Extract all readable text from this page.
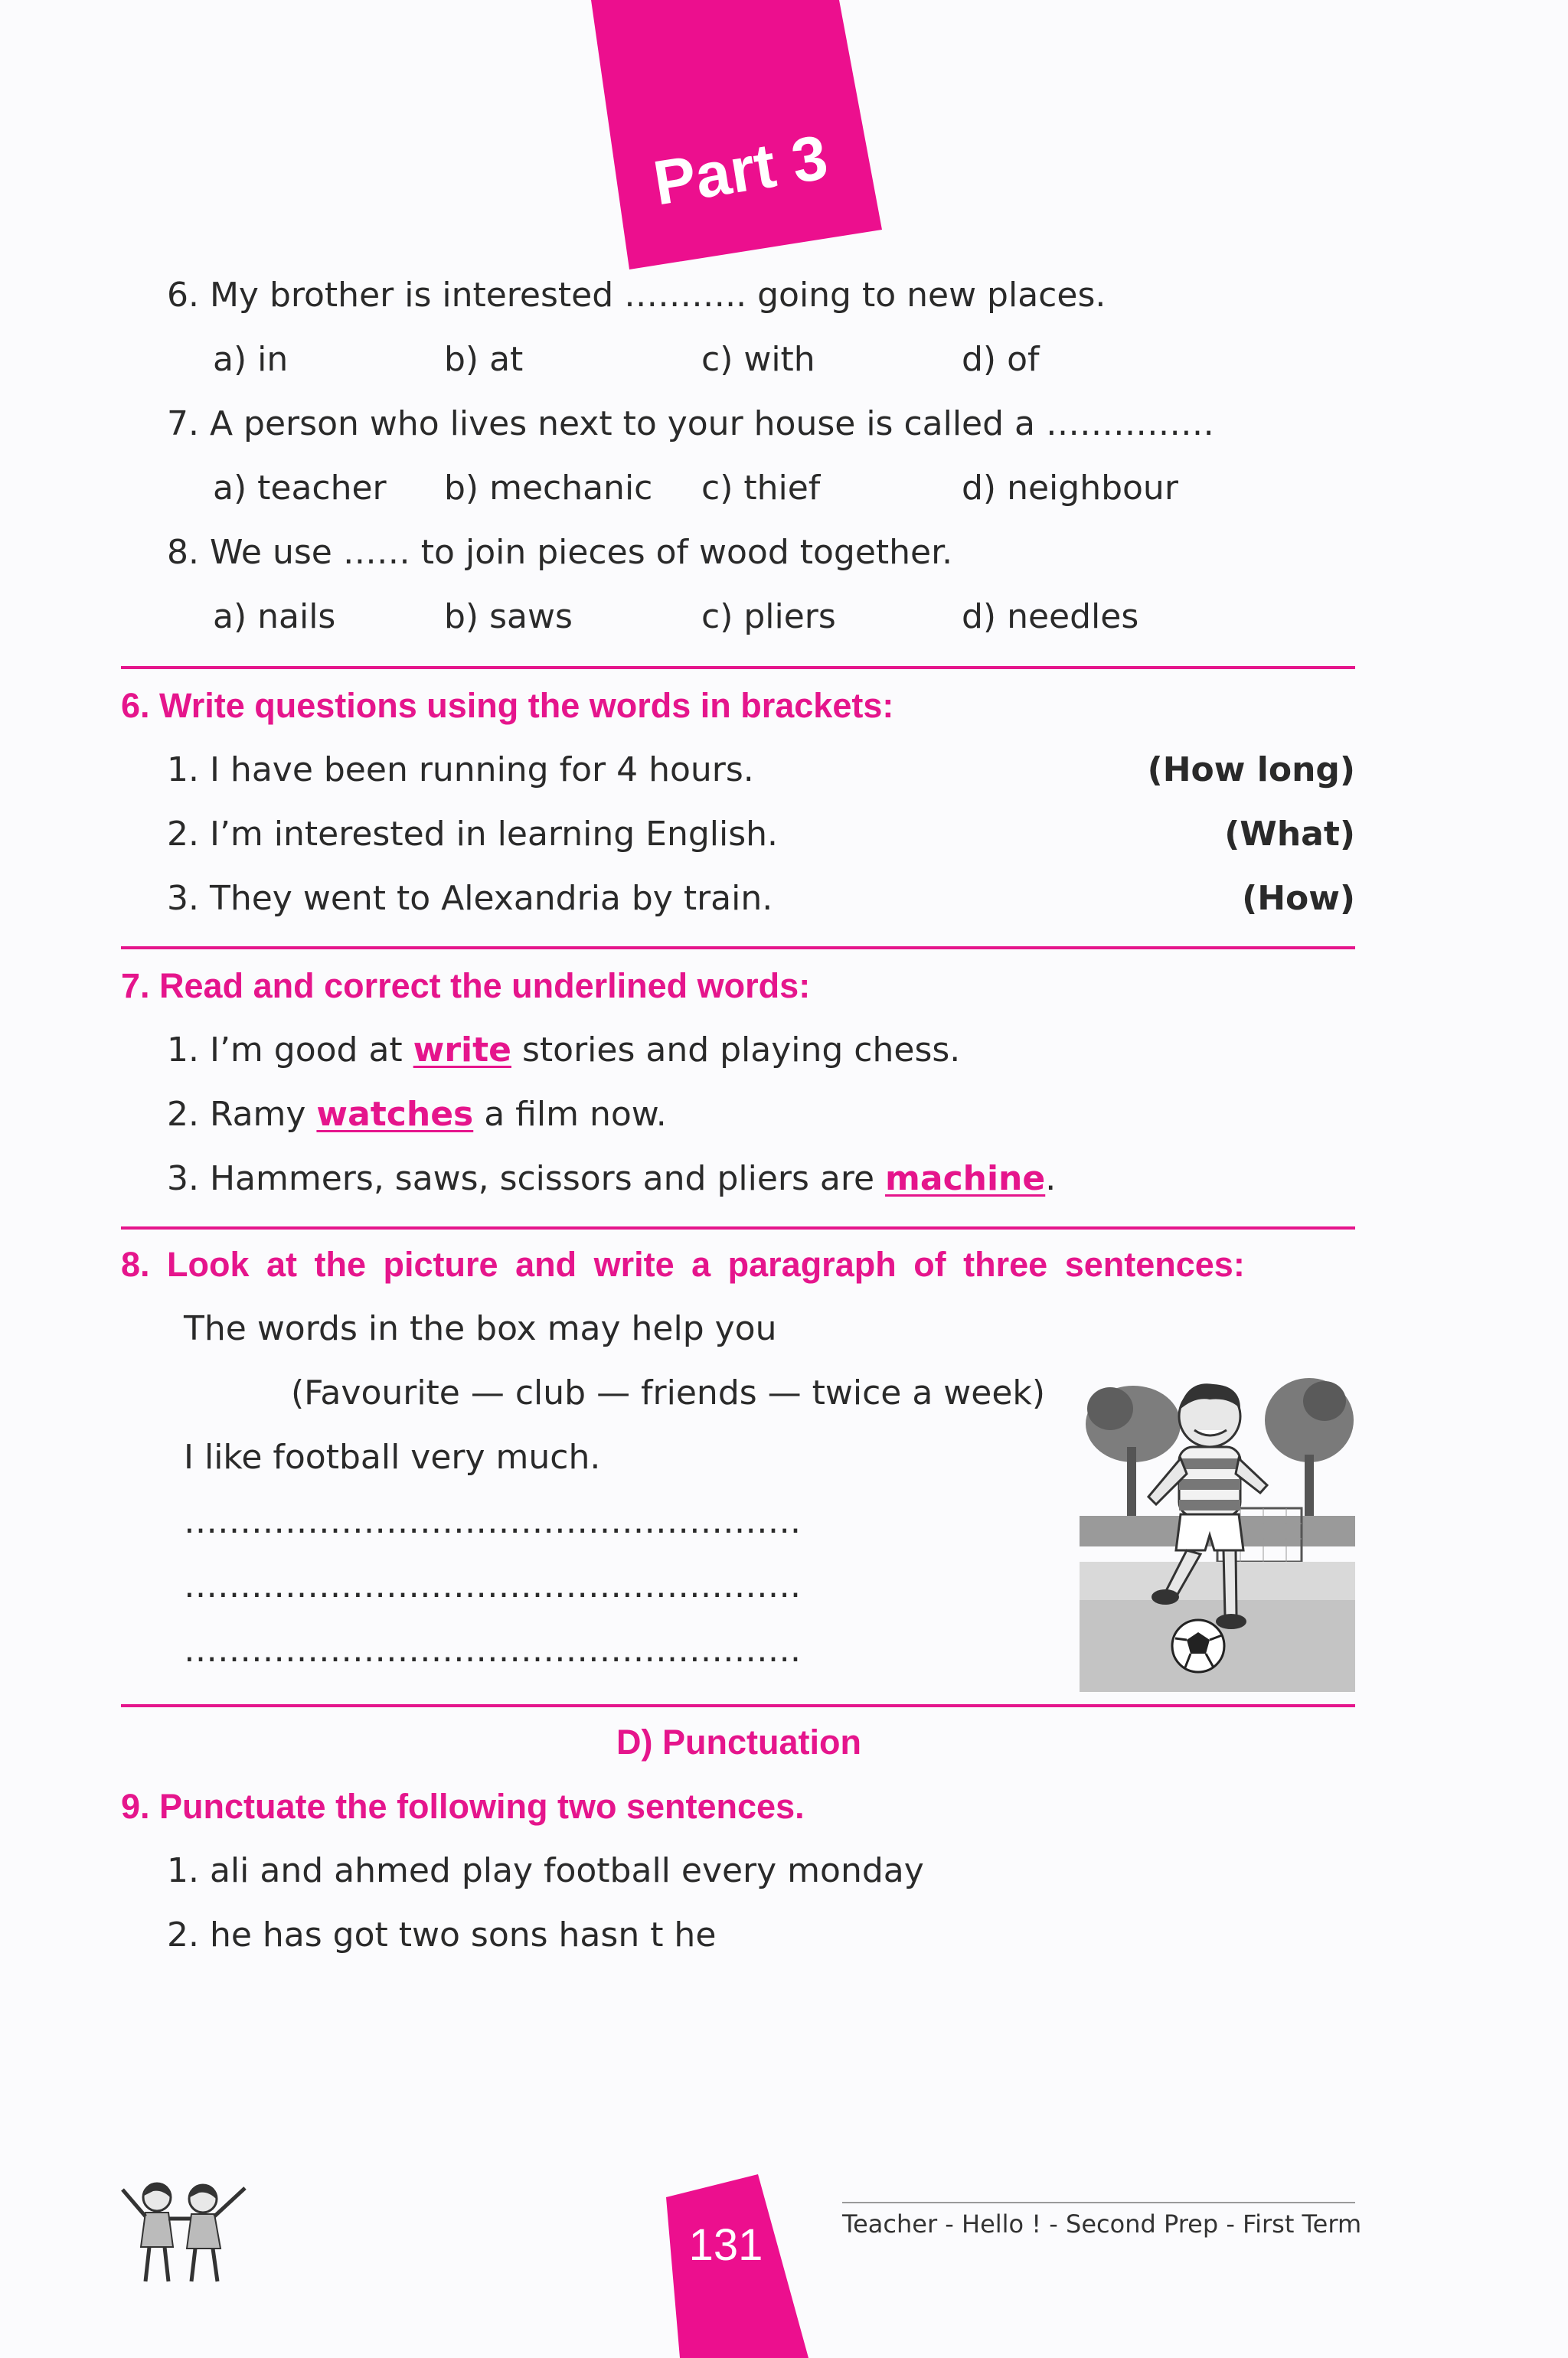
Part 3
6. My brother is interested ……….. going to new places.
a) in	b) at	c) with	d) of
7. A person who lives next to your house is called a ……………
a) teacher b) mechanic c) thief	d) neighbour
8. We use …… to join pieces of wood together.
a) nails	b) saws	c) pliers	d) needles
6. Write questions using the words in brackets:
1. I have been running for 4 hours.	(How long)
2. I’m interested in learning English.	(What)
3. They went to Alexandria by train.	(How)
7. Read and correct the underlined words:
1. I’m good at write stories and playing chess.
2. Ramy watches a film now.
3. Hammers, saws, scissors and pliers are machine.
8. Look at the picture and write a paragraph of three sentences:
The words in the box may help you
(Favourite — club — friends — twice a week)
I like football very much.
……………………………………………….
……………………………………………….
……………………………………………….
D) Punctuation
9. Punctuate the following two sentences.
1. ali and ahmed play football every monday
2. he has got two sons hasn t he
131	Teacher - Hello ! - Second Prep - First Term
